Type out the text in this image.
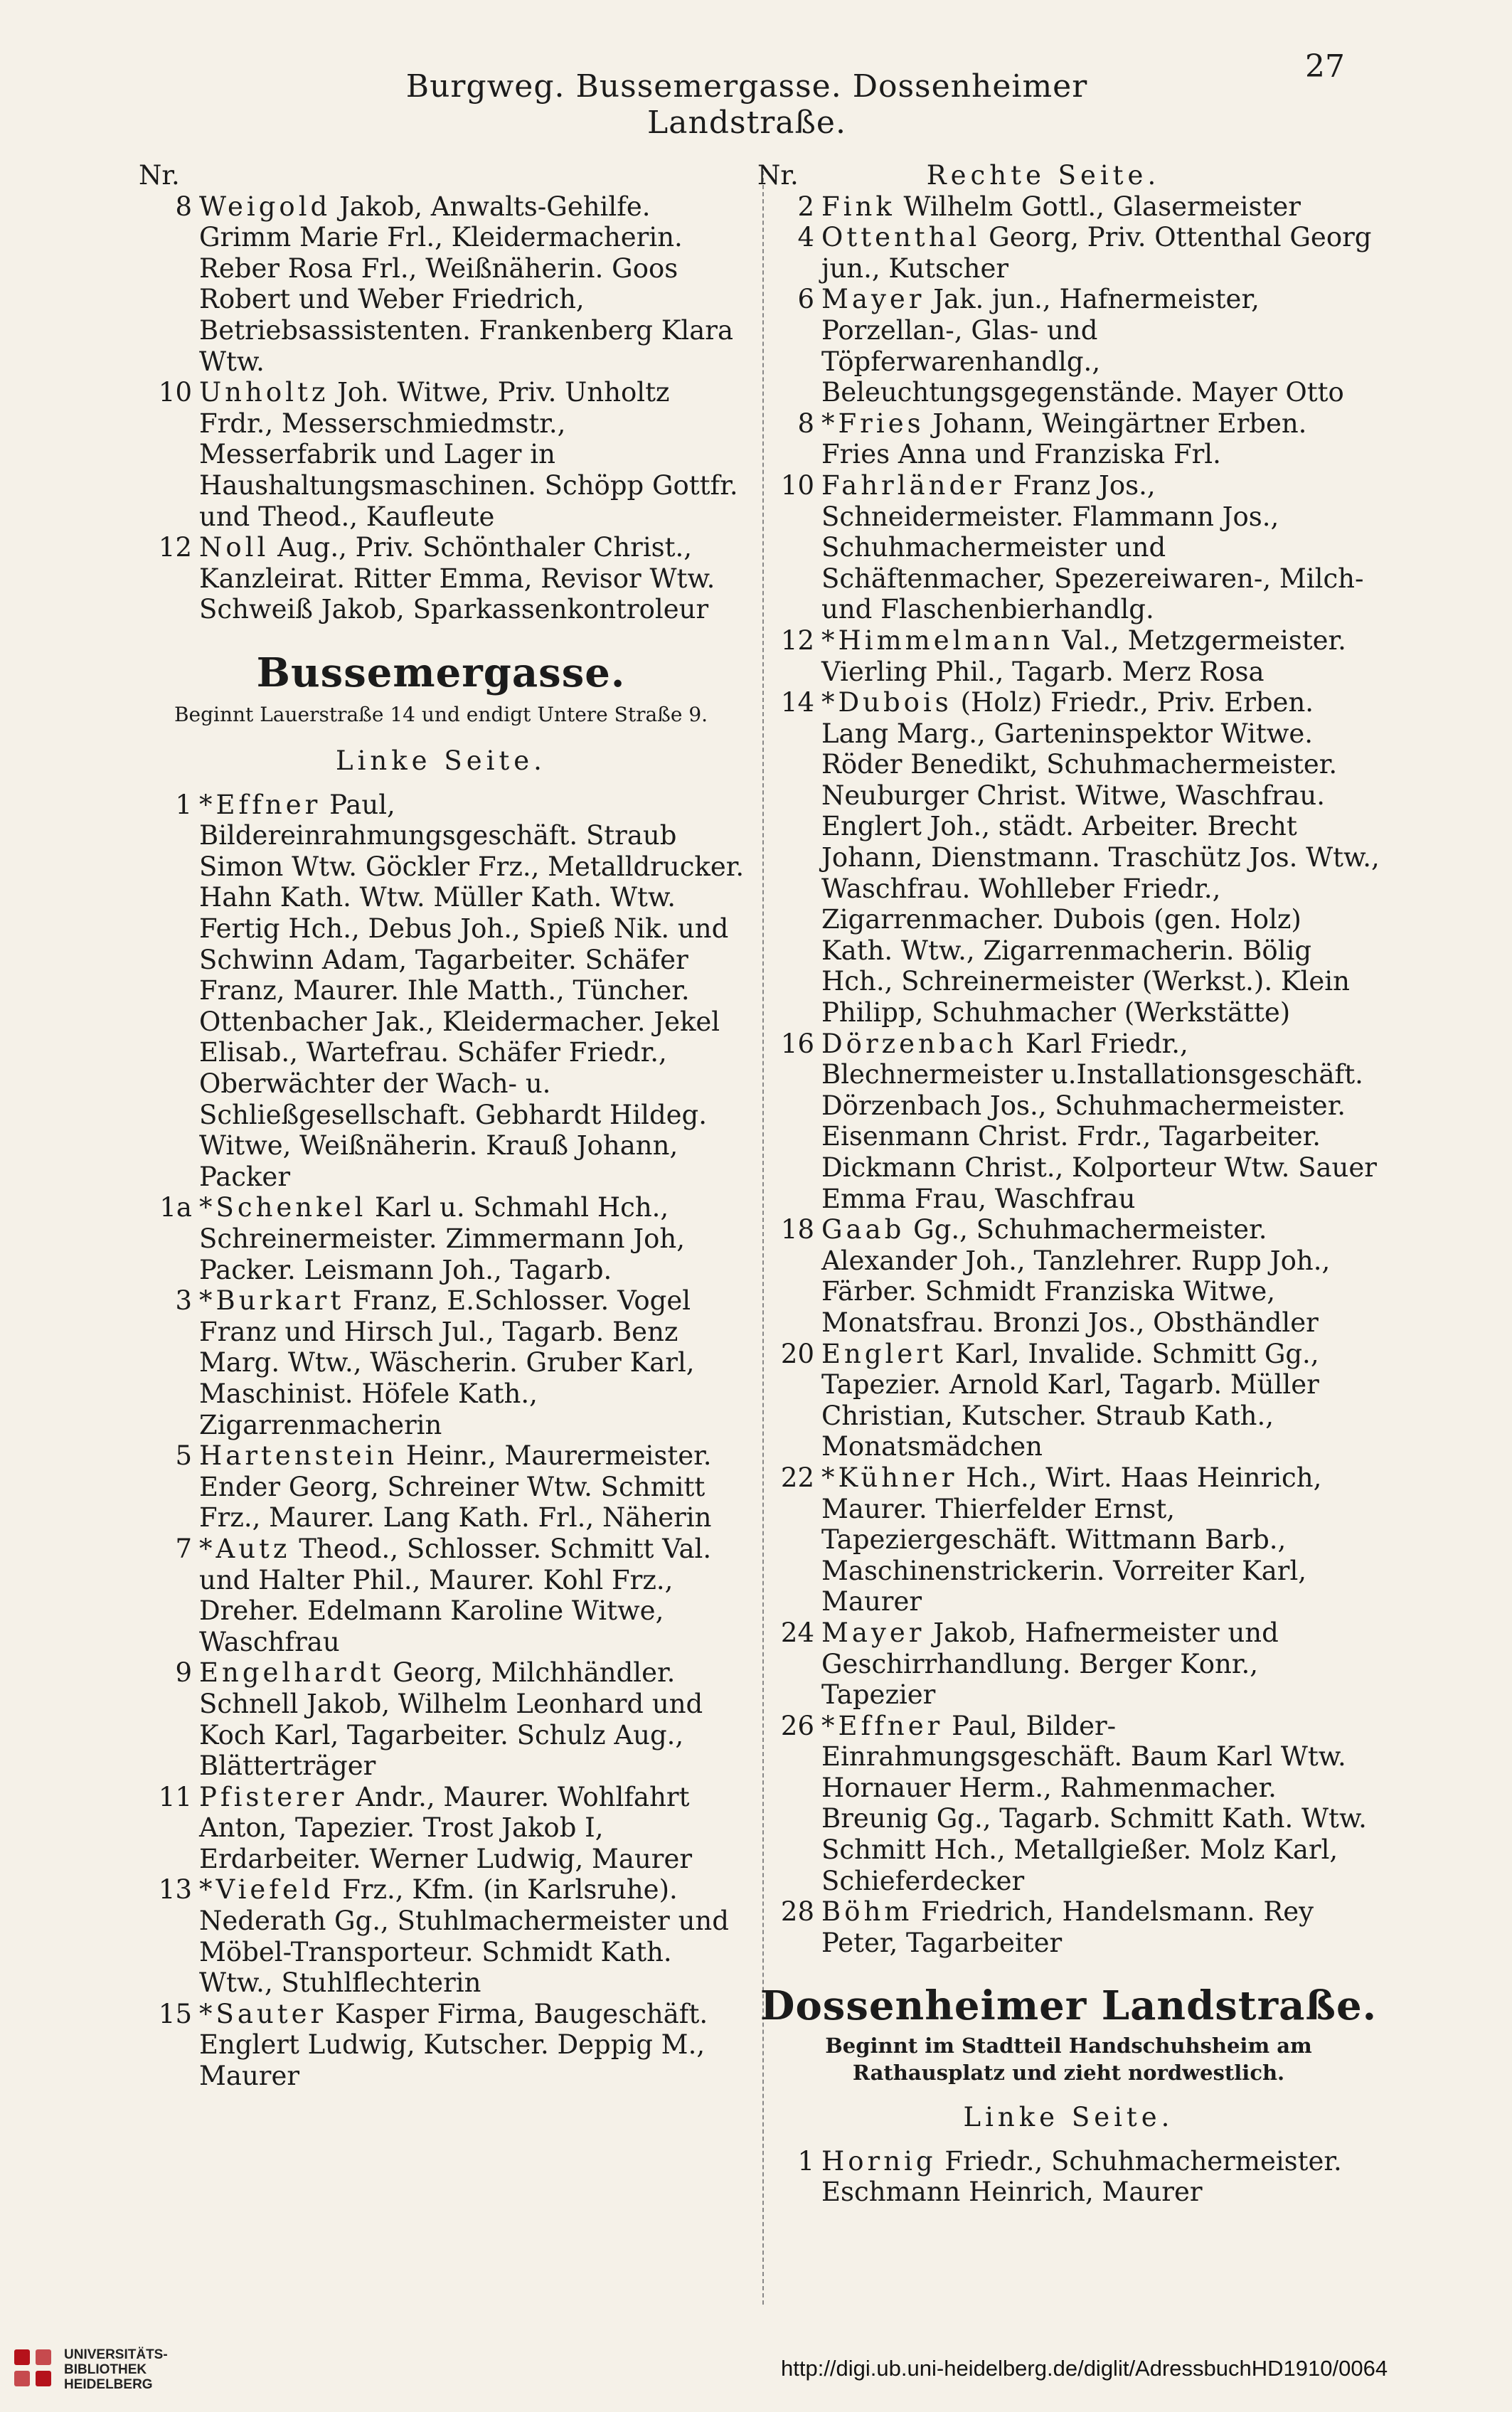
Burgweg. Bussemergasse. Dossenheimer Landstraße.
27
Nr.
8 Weigold Jakob, Anwalts-Gehilfe. Grimm Marie Frl., Kleidermacherin. Reber Rosa Frl., Weißnäherin. Goos Robert und Weber Friedrich, Betriebsassistenten. Frankenberg Klara Wtw.
10 Unholtz Joh. Witwe, Priv. Unholtz Frdr., Messerschmiedmstr., Messerfabrik und Lager in Haushaltungsmaschinen. Schöpp Gottfr. und Theod., Kaufleute
12 Noll Aug., Priv. Schönthaler Christ., Kanzleirat. Ritter Emma, Revisor Wtw. Schweiß Jakob, Sparkassenkontroleur
Bussemergasse.
Beginnt Lauerstraße 14 und endigt Untere Straße 9.
Linke Seite.
1 *Effner Paul, Bildereinrahmungsgeschäft. Straub Simon Wtw. Göckler Frz., Metalldrucker. Hahn Kath. Wtw. Müller Kath. Wtw. Fertig Hch., Debus Joh., Spieß Nik. und Schwinn Adam, Tagarbeiter. Schäfer Franz, Maurer. Ihle Matth., Tüncher. Ottenbacher Jak., Kleidermacher. Jekel Elisab., Wartefrau. Schäfer Friedr., Oberwächter der Wach- u. Schließgesellschaft. Gebhardt Hildeg. Witwe, Weißnäherin. Krauß Johann, Packer
1a *Schenkel Karl u. Schmahl Hch., Schreinermeister. Zimmermann Joh, Packer. Leismann Joh., Tagarb.
3 *Burkart Franz, E.Schlosser. Vogel Franz und Hirsch Jul., Tagarb. Benz Marg. Wtw., Wäscherin. Gruber Karl, Maschinist. Höfele Kath., Zigarrenmacherin
5 Hartenstein Heinr., Maurermeister. Ender Georg, Schreiner Wtw. Schmitt Frz., Maurer. Lang Kath. Frl., Näherin
7 *Autz Theod., Schlosser. Schmitt Val. und Halter Phil., Maurer. Kohl Frz., Dreher. Edelmann Karoline Witwe, Waschfrau
9 Engelhardt Georg, Milchhändler. Schnell Jakob, Wilhelm Leonhard und Koch Karl, Tagarbeiter. Schulz Aug., Blätterträger
11 Pfisterer Andr., Maurer. Wohlfahrt Anton, Tapezier. Trost Jakob I, Erdarbeiter. Werner Ludwig, Maurer
13 *Viefeld Frz., Kfm. (in Karlsruhe). Nederath Gg., Stuhlmachermeister und Möbel-Transporteur. Schmidt Kath. Wtw., Stuhlflechterin
15 *Sauter Kasper Firma, Baugeschäft. Englert Ludwig, Kutscher. Deppig M., Maurer
Nr.	Rechte Seite.
2 Fink Wilhelm Gottl., Glasermeister
4 Ottenthal Georg, Priv. Ottenthal Georg jun., Kutscher
6 Mayer Jak. jun., Hafnermeister, Porzellan-, Glas- und Töpferwarenhandlg., Beleuchtungsgegenstände. Mayer Otto
8 *Fries Johann, Weingärtner Erben. Fries Anna und Franziska Frl.
10 Fahrländer Franz Jos., Schneidermeister. Flammann Jos., Schuhmachermeister und Schäftenmacher, Spezereiwaren-, Milch- und Flaschenbierhandlg.
12 *Himmelmann Val., Metzgermeister. Vierling Phil., Tagarb. Merz Rosa
14 *Dubois (Holz) Friedr., Priv. Erben. Lang Marg., Garteninspektor Witwe. Röder Benedikt, Schuhmachermeister. Neuburger Christ. Witwe, Waschfrau. Englert Joh., städt. Arbeiter. Brecht Johann, Dienstmann. Traschütz Jos. Wtw., Waschfrau. Wohlleber Friedr., Zigarrenmacher. Dubois (gen. Holz) Kath. Wtw., Zigarrenmacherin. Bölig Hch., Schreinermeister (Werkst.). Klein Philipp, Schuhmacher (Werkstätte)
16 Dörzenbach Karl Friedr., Blechnermeister u.Installationsgeschäft. Dörzenbach Jos., Schuhmachermeister. Eisenmann Christ. Frdr., Tagarbeiter. Dickmann Christ., Kolporteur Wtw. Sauer Emma Frau, Waschfrau
18 Gaab Gg., Schuhmachermeister. Alexander Joh., Tanzlehrer. Rupp Joh., Färber. Schmidt Franziska Witwe, Monatsfrau. Bronzi Jos., Obsthändler
20 Englert Karl, Invalide. Schmitt Gg., Tapezier. Arnold Karl, Tagarb. Müller Christian, Kutscher. Straub Kath., Monatsmädchen
22 *Kühner Hch., Wirt. Haas Heinrich, Maurer. Thierfelder Ernst, Tapeziergeschäft. Wittmann Barb., Maschinenstrickerin. Vorreiter Karl, Maurer
24 Mayer Jakob, Hafnermeister und Geschirrhandlung. Berger Konr., Tapezier
26 *Effner Paul, Bilder-Einrahmungsgeschäft. Baum Karl Wtw. Hornauer Herm., Rahmenmacher. Breunig Gg., Tagarb. Schmitt Kath. Wtw. Schmitt Hch., Metallgießer. Molz Karl, Schieferdecker
28 Böhm Friedrich, Handelsmann. Rey Peter, Tagarbeiter
Dossenheimer Landstraße.
Beginnt im Stadtteil Handschuhsheim am Rathausplatz und zieht nordwestlich.
Linke Seite.
1 Hornig Friedr., Schuhmachermeister. Eschmann Heinrich, Maurer
UNIVERSITÄTS-
BIBLIOTHEK
HEIDELBERG
http://digi.ub.uni-heidelberg.de/diglit/AdressbuchHD1910/0064
